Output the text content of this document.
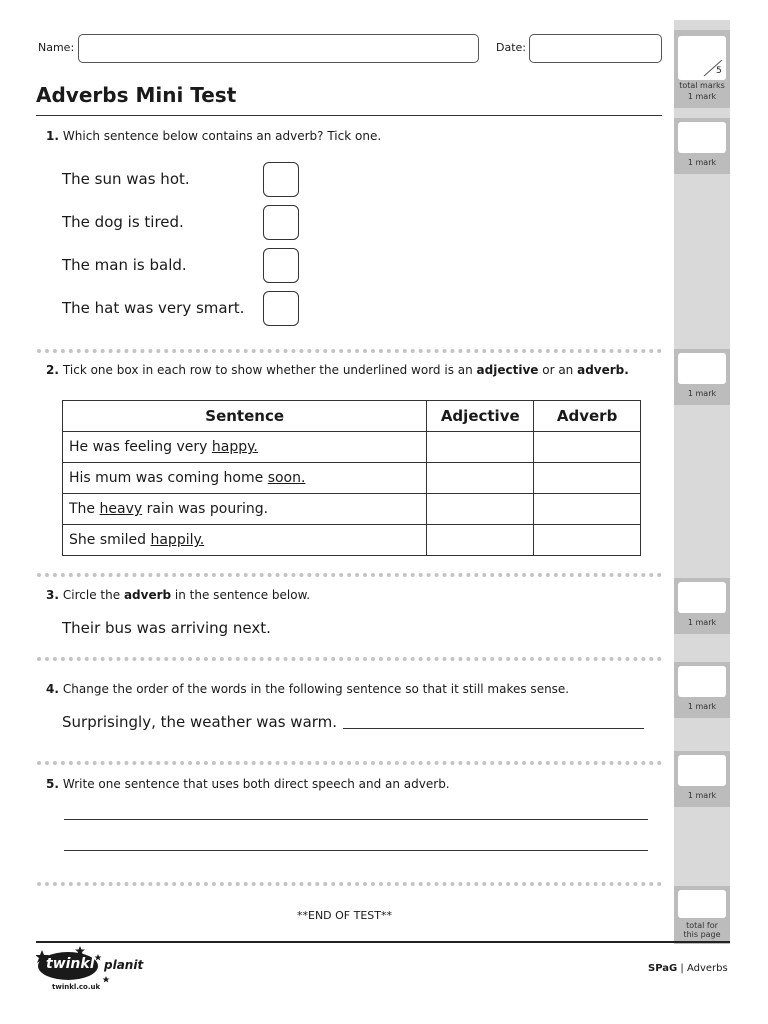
5
total marks
1 mark
1 mark
1 mark
1 mark
1 mark
1 mark
total for
this page
Name:	Date:
Adverbs Mini Test
1. Which sentence below contains an adverb? Tick one.
The sun was hot.
The dog is tired.
The man is bald.
The hat was very smart.
2. Tick one box in each row to show whether the underlined word is an adjective or an adverb.
Sentence	Adjective	Adverb
He was feeling very happy.		
His mum was coming home soon.		
The heavy rain was pouring.		
She smiled happily.		
3. Circle the adverb in the sentence below.
Their bus was arriving next.
4. Change the order of the words in the following sentence so that it still makes sense.
Surprisingly, the weather was warm.
5. Write one sentence that uses both direct speech and an adverb.
**END OF TEST**
twinkl planit
twinkl.co.uk
SPaG | Adverbs
